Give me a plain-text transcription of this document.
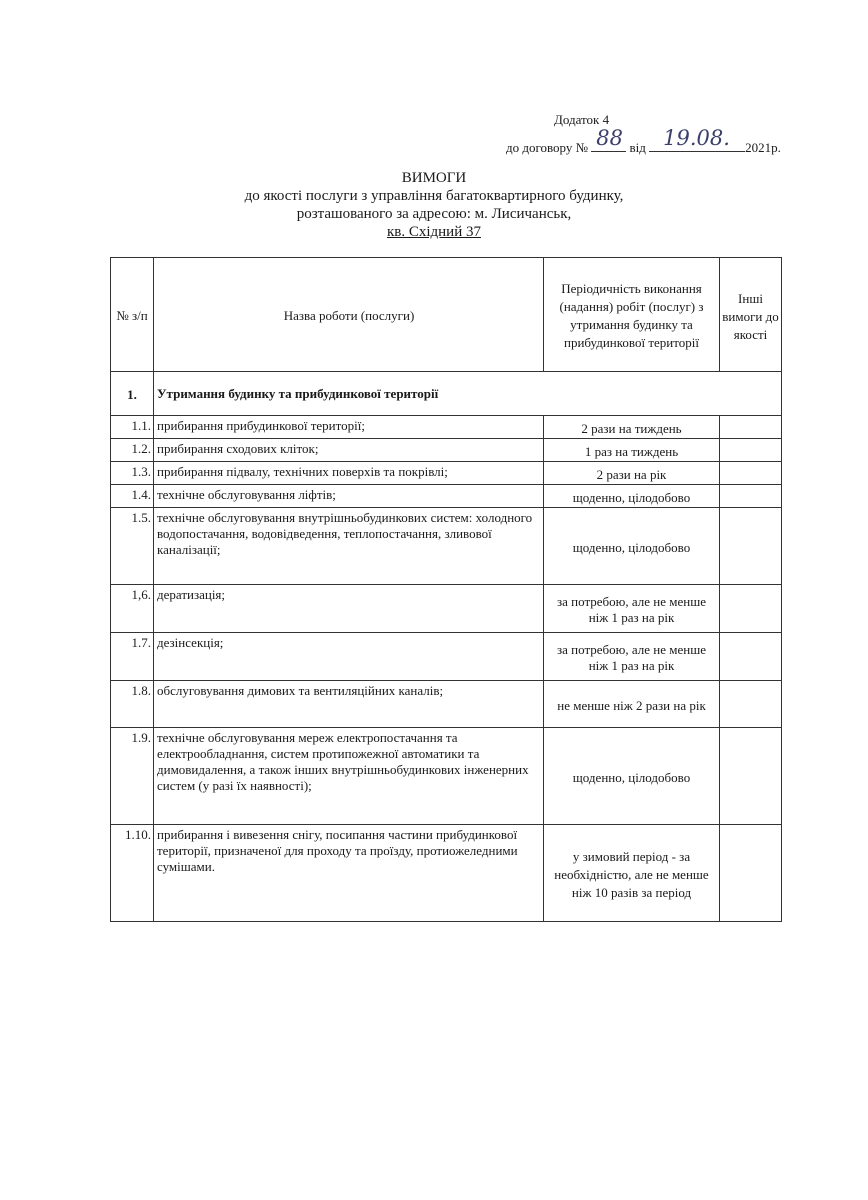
Додаток 4
до договору № 88 від 19.08. 2021р.
ВИМОГИ
до якості послуги з управління багатоквартирного будинку,
розташованого за адресою: м. Лисичанськ,
кв. Східний 37
№ з/п	Назва роботи (послуги)	Періодичність виконання (надання) робіт (послуг) з утримання будинку та прибудинкової території	Інші вимоги до якості
1.	Утримання будинку та прибудинкової території		
1.1.	прибирання прибудинкової території;	2 рази на тиждень	
1.2.	прибирання сходових кліток;	1 раз на тиждень	
1.3.	прибирання підвалу, технічних поверхів та покрівлі;	2 рази на рік	
1.4.	технічне обслуговування ліфтів;	щоденно, цілодобово	
1.5.	технічне обслуговування внутрішньобудинкових систем: холодного водопостачання, водовідведення, теплопостачання, зливової каналізації;	щоденно, цілодобово	
1,6.	дератизація;	за потребою, але не менше ніж 1 раз на рік	
1.7.	дезінсекція;	за потребою, але не менше ніж 1 раз на рік	
1.8.	обслуговування димових та вентиляційних каналів;	не менше ніж 2 рази на рік	
1.9.	технічне обслуговування мереж електропостачання та електрообладнання, систем протипожежної автоматики та димовидалення, а також інших внутрішньобудинкових інженерних систем (у разі їх наявності);	щоденно, цілодобово	
1.10.	прибирання і вивезення снігу, посипання частини прибудинкової території, призначеної для проходу та проїзду, протиожеледними сумішами.	у зимовий період - за необхідністю, але не менше ніж 10 разів за період	
